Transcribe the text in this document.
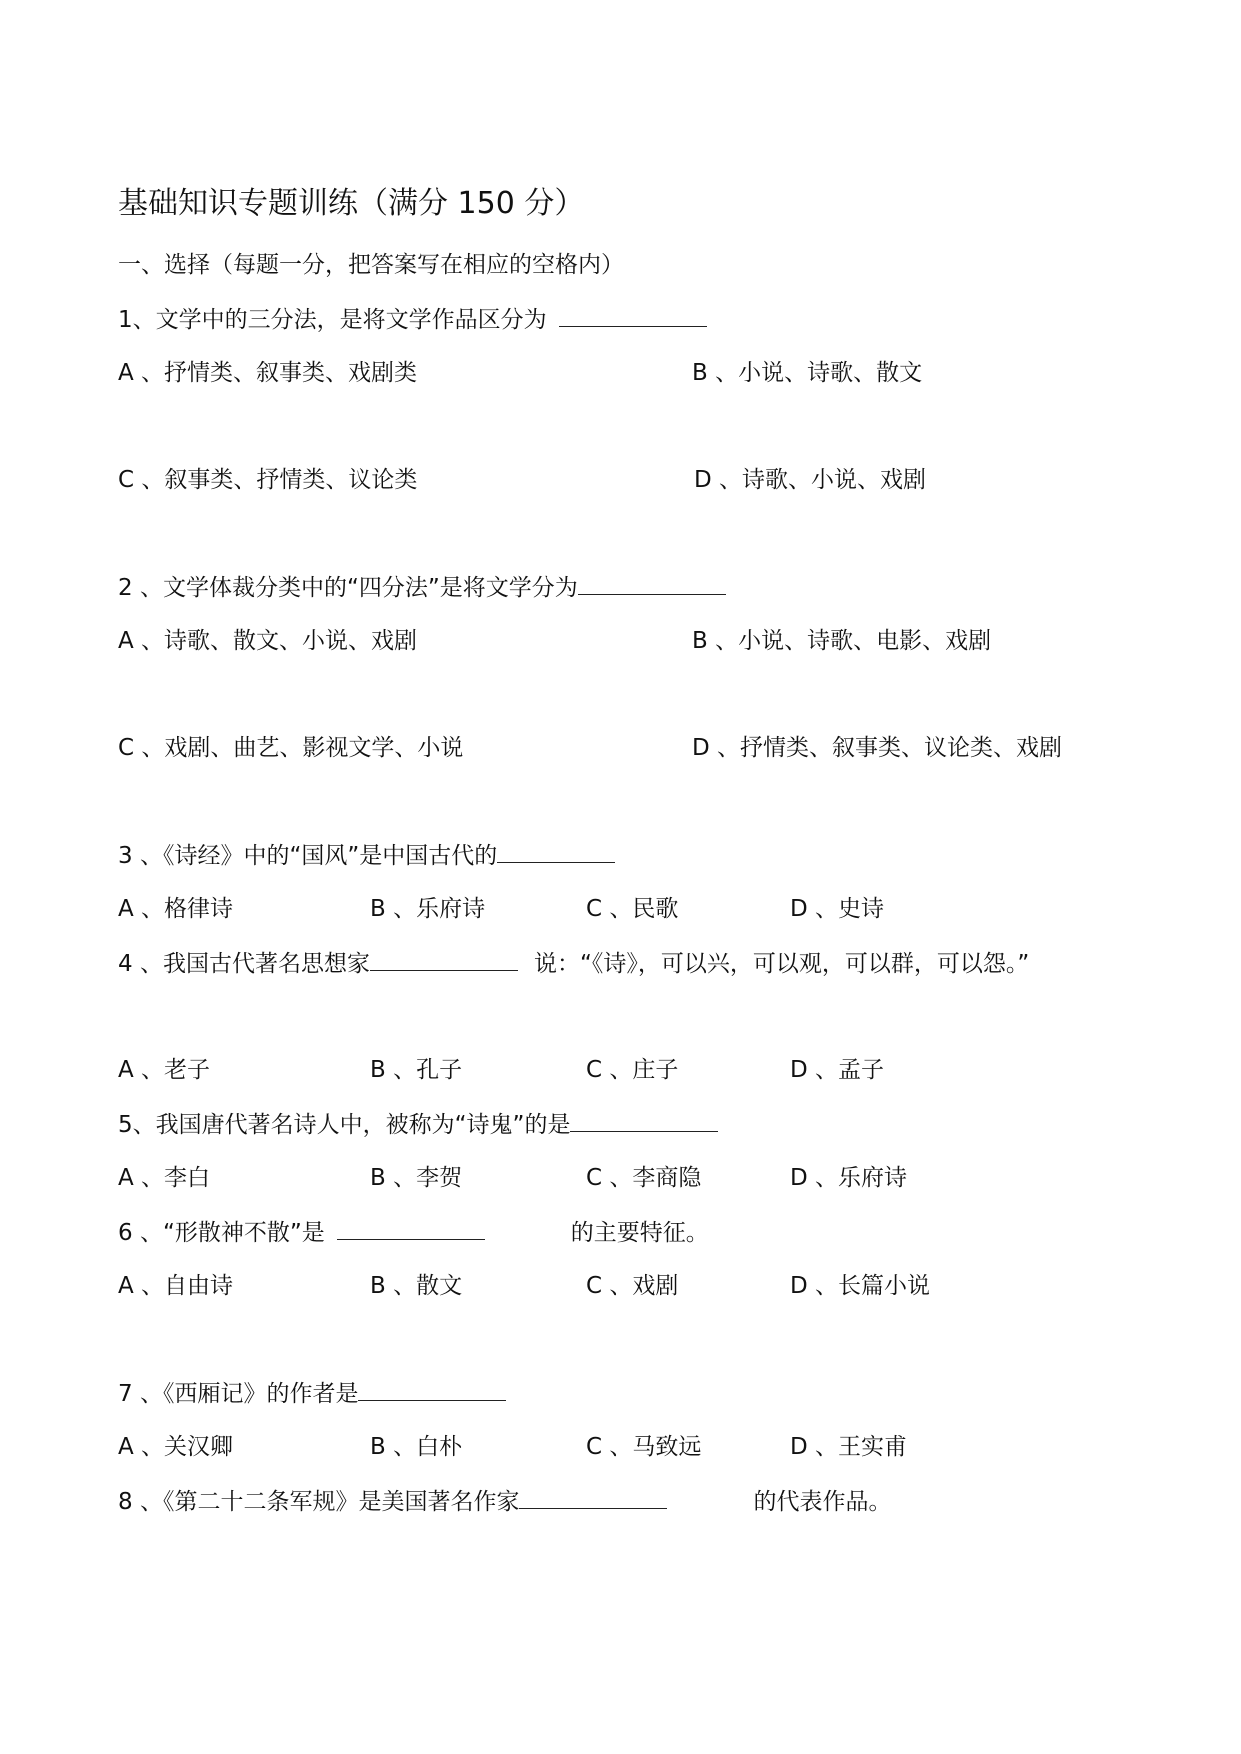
基础知识专题训练（满分 150 分）
一、选择（每题一分，把答案写在相应的空格内）
1、文学中的三分法，是将文学作品区分为
A 、抒情类、叙事类、戏剧类	B 、小说、诗歌、散文
C 、叙事类、抒情类、议论类	D 、诗歌、小说、戏剧
2 、文学体裁分类中的“四分法”是将文学分为
A 、诗歌、散文、小说、戏剧	B 、小说、诗歌、电影、戏剧
C 、戏剧、曲艺、影视文学、小说	D 、抒情类、叙事类、议论类、戏剧
3 、《诗经》中的“国风”是中国古代的
A 、格律诗	B 、乐府诗	C 、民歌	D 、史诗
4 、我国古代著名思想家	说：“《诗》，可以兴，可以观，可以群，可以怨。”
A 、老子	B 、孔子	C 、庄子	D 、孟子
5、我国唐代著名诗人中，被称为“诗鬼”的是
A 、李白	B 、李贺	C 、李商隐	D 、乐府诗
6 、“形散神不散”是	的主要特征。
A 、自由诗	B 、散文	C 、戏剧	D 、长篇小说
7 、《西厢记》的作者是
A 、关汉卿	B 、白朴	C 、马致远	D 、王实甫
8 、《第二十二条军规》是美国著名作家	的代表作品。
